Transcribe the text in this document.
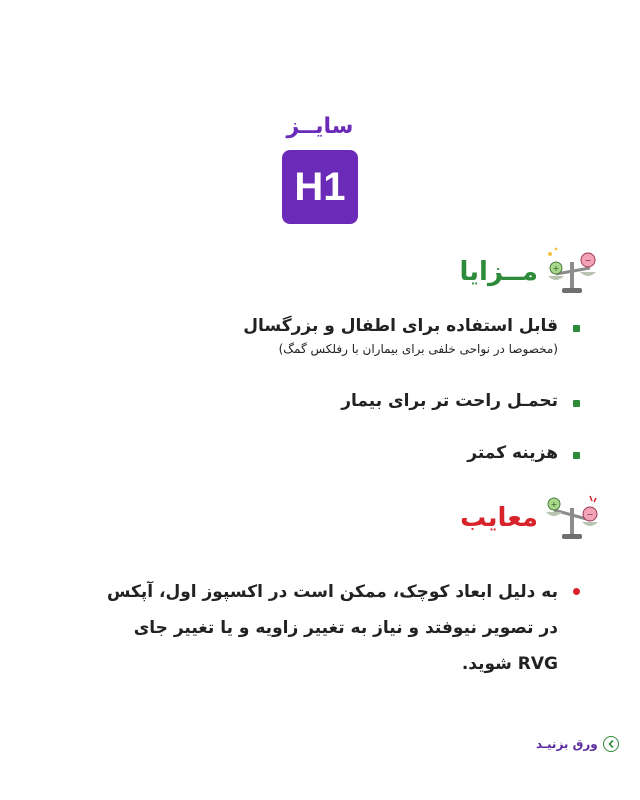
سایــز
H1
+
−
مــزایا
قابل استفاده برای اطفال و بزرگسال
(مخصوصا در نواحی خلفی برای بیماران با رفلکس گمگ)
تحمـل راحت تر برای بیمار
هزینه کمتر
+
−
معایب
به دلیل ابعاد کوچک، ممکن است در اکسپوز اول، آپکس در تصویر نیوفتد و نیاز به تغییر زاویه و یا تغییر جای RVG شوید.
ورق بزنیـد
